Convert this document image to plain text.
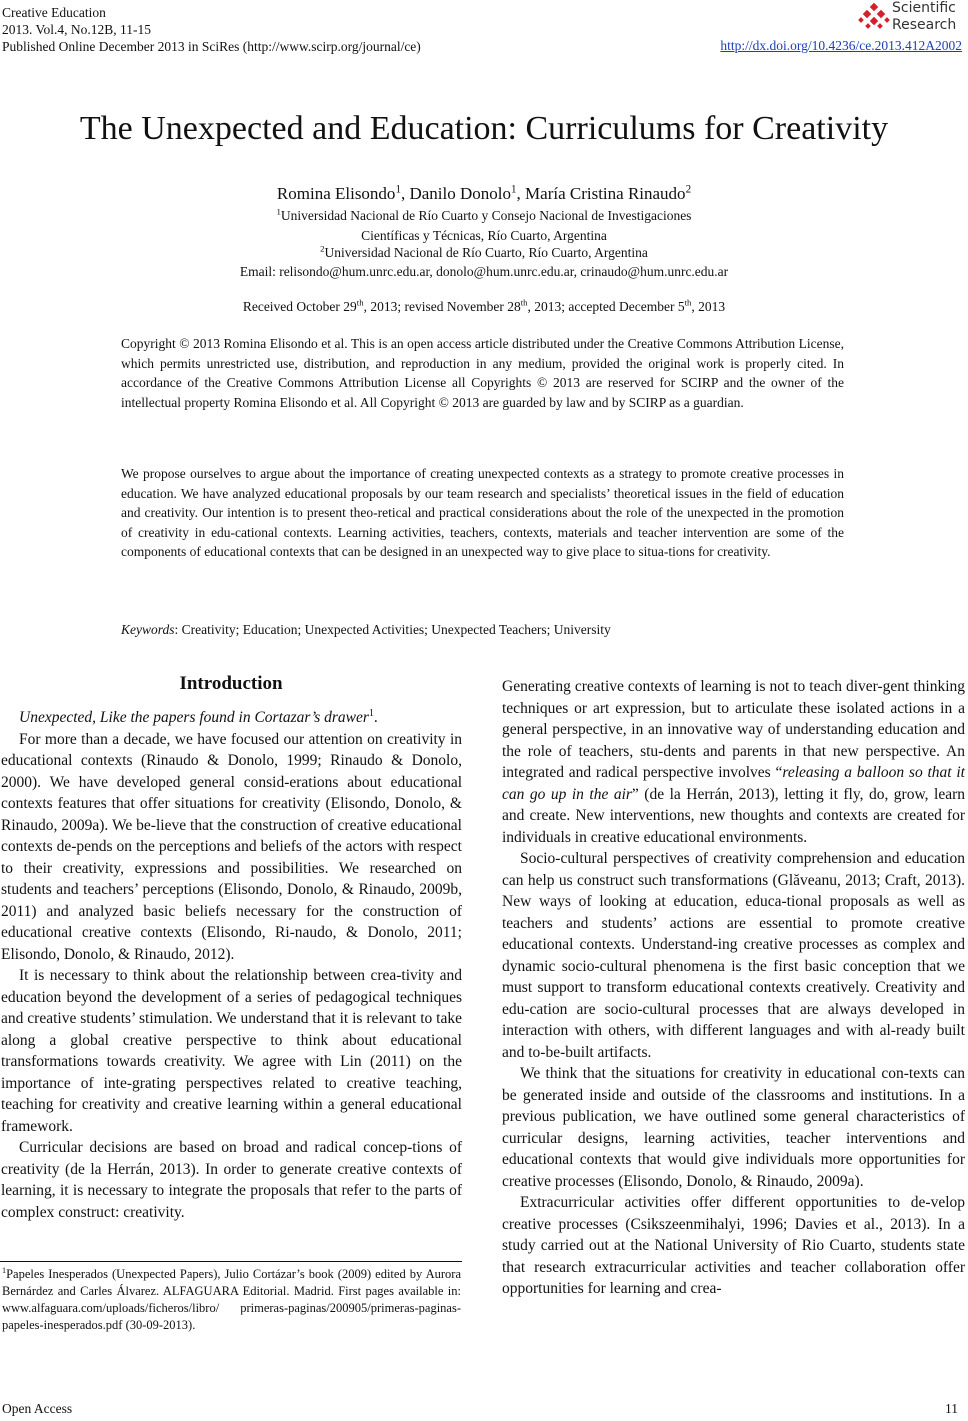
Creative Education
2013. Vol.4, No.12B, 11-15
Published Online December 2013 in SciRes (http://www.scirp.org/journal/ce)	http://dx.doi.org/10.4236/ce.2013.412A2002
Scientific
Research
The Unexpected and Education: Curriculums for Creativity
Romina Elisondo$^1$, Danilo Donolo$^1$, María Cristina Rinaudo$^2$
$^1$Universidad Nacional de Río Cuarto y Consejo Nacional de Investigaciones
Científicas y Técnicas, Río Cuarto, Argentina
$^2$Universidad Nacional de Río Cuarto, Río Cuarto, Argentina
Email: relisondo@hum.unrc.edu.ar, donolo@hum.unrc.edu.ar, crinaudo@hum.unrc.edu.ar
Received October 29th, 2013; revised November 28th, 2013; accepted December 5th, 2013
Copyright © 2013 Romina Elisondo et al. This is an open access article distributed under the Creative Commons Attribution License, which permits unrestricted use, distribution, and reproduction in any medium, provided the original work is properly cited. In accordance of the Creative Commons Attribution License all Copyrights © 2013 are reserved for SCIRP and the owner of the intellectual property Romina Elisondo et al. All Copyright © 2013 are guarded by law and by SCIRP as a guardian.
We propose ourselves to argue about the importance of creating unexpected contexts as a strategy to promote creative processes in education. We have analyzed educational proposals by our team research and specialists’ theoretical issues in the field of education and creativity. Our intention is to present theo-retical and practical considerations about the role of the unexpected in the promotion of creativity in edu-cational contexts. Learning activities, teachers, contexts, materials and teacher intervention are some of the components of educational contexts that can be designed in an unexpected way to give place to situa-tions for creativity.
Keywords: Creativity; Education; Unexpected Activities; Unexpected Teachers; University
Introduction

Unexpected, Like the papers found in Cortazar’s drawer$^1$.

For more than a decade, we have focused our attention on creativity in educational contexts (Rinaudo & Donolo, 1999; Rinaudo & Donolo, 2000). We have developed general consid-erations about educational contexts features that offer situations for creativity (Elisondo, Donolo, & Rinaudo, 2009a). We be-lieve that the construction of creative educational contexts de-pends on the perceptions and beliefs of the actors with respect to their creativity, expressions and possibilities. We researched on students and teachers’ perceptions (Elisondo, Donolo, & Rinaudo, 2009b, 2011) and analyzed basic beliefs necessary for the construction of educational creative contexts (Elisondo, Ri-naudo, & Donolo, 2011; Elisondo, Donolo, & Rinaudo, 2012).

It is necessary to think about the relationship between crea-tivity and education beyond the development of a series of pedagogical techniques and creative students’ stimulation. We understand that it is relevant to take along a global creative perspective to think about educational transformations towards creativity. We agree with Lin (2011) on the importance of inte-grating perspectives related to creative teaching, teaching for creativity and creative learning within a general educational framework.

Curricular decisions are based on broad and radical concep-tions of creativity (de la Herrán, 2013). In order to generate creative contexts of learning, it is necessary to integrate the proposals that refer to the parts of complex construct: creativity.

$^1$Papeles Inesperados (Unexpected Papers), Julio Cortázar’s book (2009) edited by Aurora Bernárdez and Carles Álvarez. ALFAGUARA Editorial. Madrid. First pages available in: www.alfaguara.com/uploads/ficheros/libro/ primeras-paginas/200905/primeras-paginas-papeles-inesperados.pdf (30-09-2013).

Generating creative contexts of learning is not to teach diver-gent thinking techniques or art expression, but to articulate these isolated actions in a general perspective, in an innovative way of understanding education and the role of teachers, stu-dents and parents in that new perspective. An integrated and radical perspective involves “releasing a balloon so that it can go up in the air” (de la Herrán, 2013), letting it fly, do, grow, learn and create. New interventions, new thoughts and contexts are created for individuals in creative educational environments.

Socio-cultural perspectives of creativity comprehension and education can help us construct such transformations (Glăveanu, 2013; Craft, 2013). New ways of looking at education, educa-tional proposals as well as teachers and students’ actions are essential to promote creative educational contexts. Understand-ing creative processes as complex and dynamic socio-cultural phenomena is the first basic conception that we must support to transform educational contexts creatively. Creativity and edu-cation are socio-cultural processes that are always developed in interaction with others, with different languages and with al-ready built and to-be-built artifacts.

We think that the situations for creativity in educational con-texts can be generated inside and outside of the classrooms and institutions. In a previous publication, we have outlined some general characteristics of curricular designs, learning activities, teacher interventions and educational contexts that would give individuals more opportunities for creative processes (Elisondo, Donolo, & Rinaudo, 2009a).

Extracurricular activities offer different opportunities to de-velop creative processes (Csikszeenmihalyi, 1996; Davies et al., 2013). In a study carried out at the National University of Rio Cuarto, students state that research extracurricular activities and teacher collaboration offer opportunities for learning and crea-

Open Access	11
